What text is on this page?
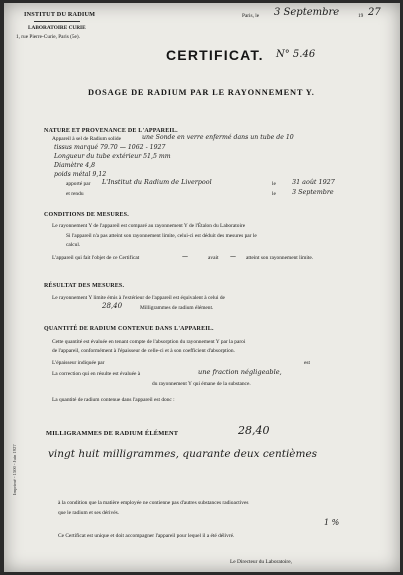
INSTITUT DU RADIUM
LABORATOIRE CURIE
1, rue Pierre-Curie, Paris (5e).
Paris, le 3 Septembre	19 27
CERTIFICAT. N° 5.46
DOSAGE DE RADIUM PAR LE RAYONNEMENT Y.
NATURE ET PROVENANCE DE L'APPAREIL.
Appareil à sel de Radium solide	une Sonde en verre enfermé dans un tube de 10
tissus marqué 79.70 — 1062 - 1927
Longueur du tube extérieur 51,5 mm
Diamètre 4,8
poids métal 9,12
apporté par L'Institut du Radium de Liverpool	le	31 août 1927
et rendu	le	3 Septembre
CONDITIONS DE MESURES.
Le rayonnement Y de l'appareil est comparé au rayonnement Y de l'Étalon du Laboratoire
Si l'appareil n'a pas atteint son rayonnement limite, celui-ci est déduit des mesures par le
calcul.
L'appareil qui fait l'objet de ce Certificat	—	avait — atteint son rayonnement limite.
RÉSULTAT DES MESURES.
Le rayonnement Y limite émis à l'extérieur de l'appareil est équivalent à celui de
28,40	Milligrammes de radium élément.
QUANTITÉ DE RADIUM CONTENUE DANS L'APPAREIL.
Cette quantité est évaluée en tenant compte de l'absorption du rayonnement Y par la paroi
de l'appareil, conformément à l'épaisseur de celle-ci et à son coefficient d'absorption.
L'épaisseur indiquée par	est
La correction qui en résulte est évaluée à	une fraction négligeable,
du rayonnement Y qui émane de la substance.
La quantité de radium contenue dans l'appareil est donc :
MILLIGRAMMES DE RADIUM ÉLÉMENT	28,40
vingt huit milligrammes, quarante deux centièmes
Imprimé - 1500 - Juin 1927
à la condition que la matière employée ne contienne pas d'autres substances radioactives
que le radium et ses dérivés.
1 %
Ce Certificat est unique et doit accompagner l'appareil pour lequel il a été délivré.
Le Directeur du Laboratoire,
